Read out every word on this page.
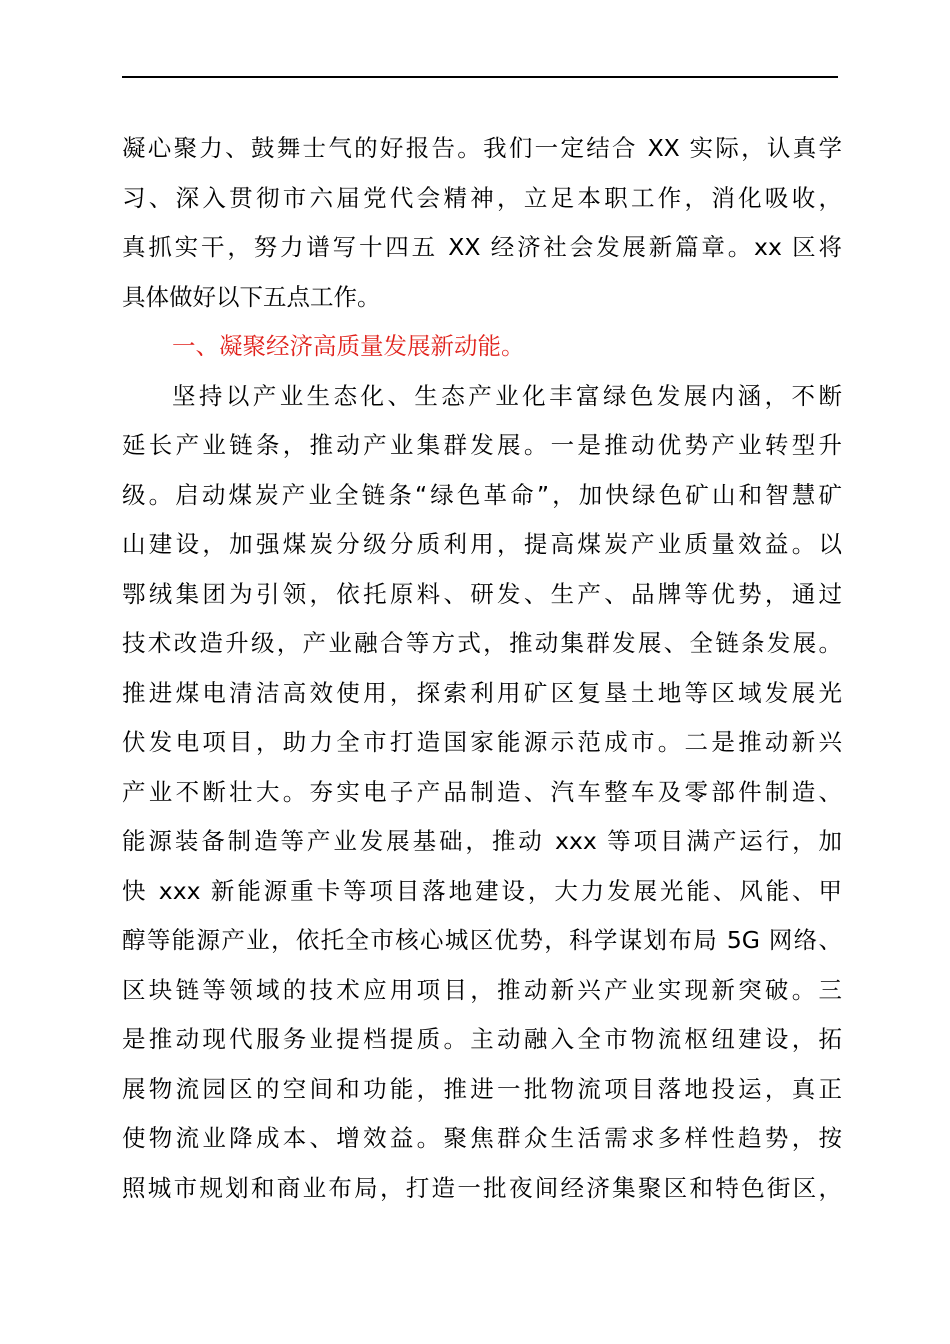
凝心聚力、鼓舞士气的好报告。我们一定结合 XX 实际，认真学
习、深入贯彻市六届党代会精神，立足本职工作，消化吸收，
真抓实干，努力谱写十四五 XX 经济社会发展新篇章。xx 区将
具体做好以下五点工作。
一、凝聚经济高质量发展新动能。
坚持以产业生态化、生态产业化丰富绿色发展内涵，不断
延长产业链条，推动产业集群发展。一是推动优势产业转型升
级。启动煤炭产业全链条“绿色革命”，加快绿色矿山和智慧矿
山建设，加强煤炭分级分质利用，提高煤炭产业质量效益。以
鄂绒集团为引领，依托原料、研发、生产、品牌等优势，通过
技术改造升级，产业融合等方式，推动集群发展、全链条发展。
推进煤电清洁高效使用，探索利用矿区复垦土地等区域发展光
伏发电项目，助力全市打造国家能源示范成市。二是推动新兴
产业不断壮大。夯实电子产品制造、汽车整车及零部件制造、
能源装备制造等产业发展基础，推动 xxx 等项目满产运行，加
快 xxx 新能源重卡等项目落地建设，大力发展光能、风能、甲
醇等能源产业，依托全市核心城区优势，科学谋划布局 5G 网络、
区块链等领域的技术应用项目，推动新兴产业实现新突破。三
是推动现代服务业提档提质。主动融入全市物流枢纽建设，拓
展物流园区的空间和功能，推进一批物流项目落地投运，真正
使物流业降成本、增效益。聚焦群众生活需求多样性趋势，按
照城市规划和商业布局，打造一批夜间经济集聚区和特色街区，
